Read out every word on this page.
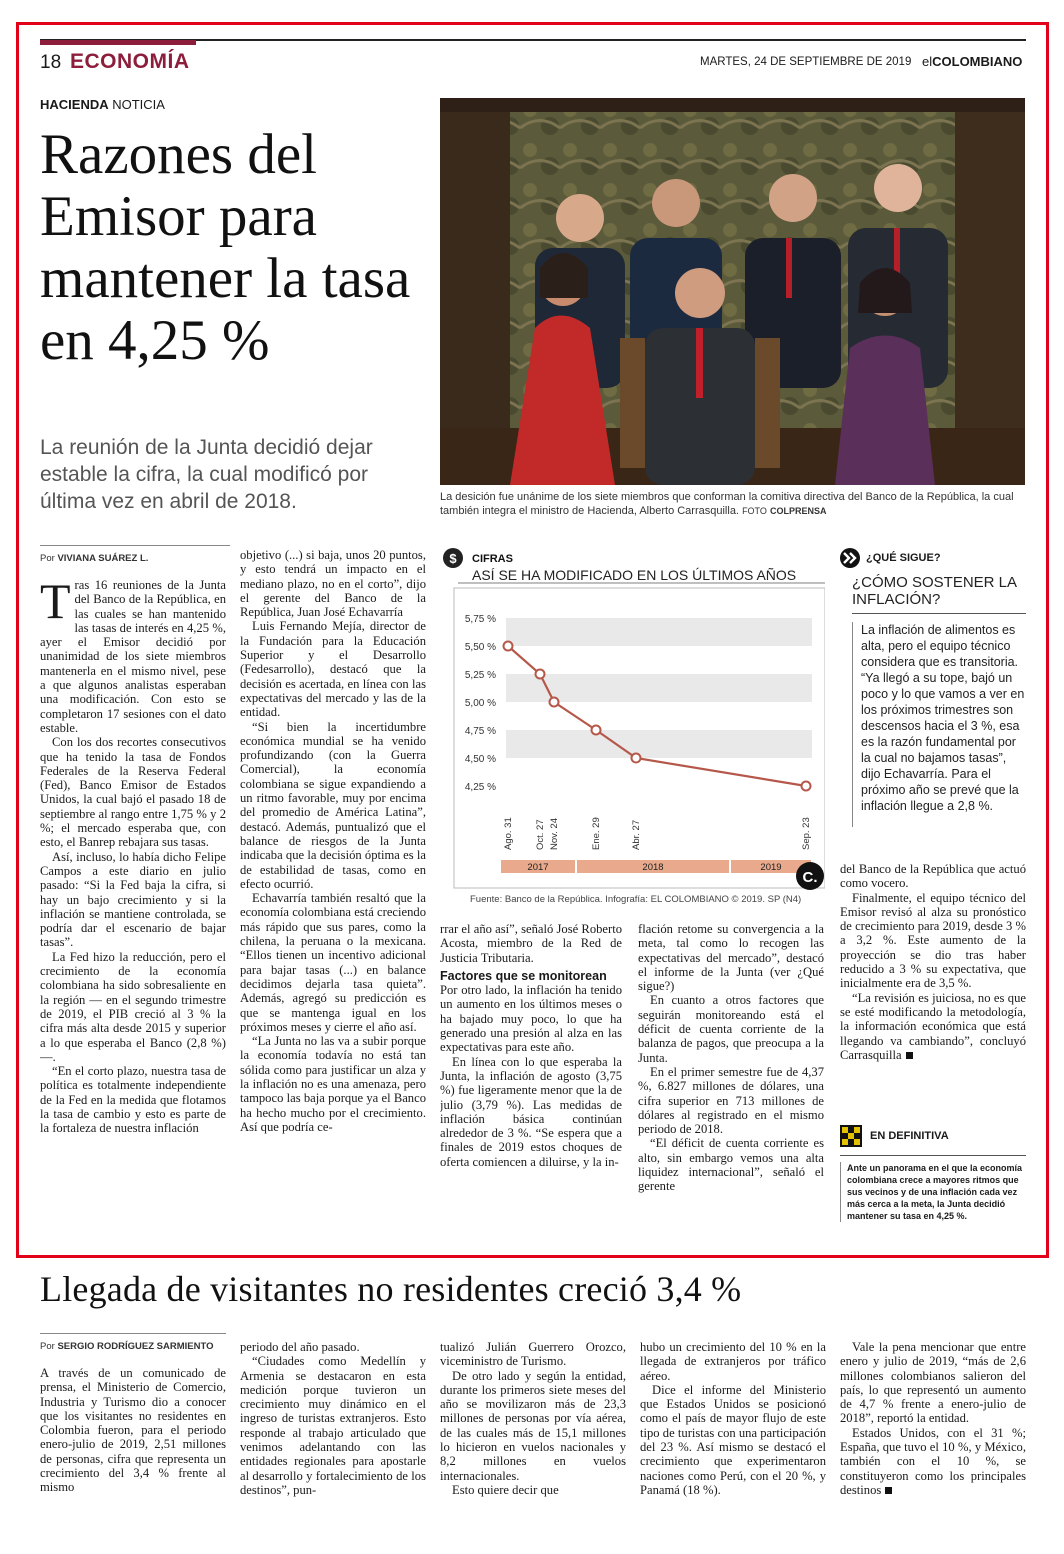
18 ECONOMÍA	MARTES, 24 DE SEPTIEMBRE DE 2019 elCOLOMBIANO
HACIENDA NOTICIA
Razones del Emisor para mantener la tasa en 4,25 %
La reunión de la Junta decidió dejar estable la cifra, la cual modificó por última vez en abril de 2018.	La desición fue unánime de los siete miembros que conforman la comitiva directiva del Banco de la República, la cual también integra el ministro de Hacienda, Alberto Carrasquilla. FOTO COLPRENSA
Por VIVIANA SUÁREZ L.

Tras 16 reuniones de la Junta del Banco de la República, en las cuales se han mantenido las tasas de interés en 4,25 %, ayer el Emisor decidió por unanimidad de los siete miembros mantenerla en el mismo nivel, pese a que algunos analistas esperaban una modificación. Con esto se completaron 17 sesiones con el dato estable.

Con los dos recortes consecutivos que ha tenido la tasa de Fondos Federales de la Reserva Federal (Fed), Banco Emisor de Estados Unidos, la cual bajó el pasado 18 de septiembre al rango entre 1,75 % y 2 %; el mercado esperaba que, con esto, el Banrep rebajara sus tasas.

Así, incluso, lo había dicho Felipe Campos a este diario en julio pasado: “Si la Fed baja la cifra, si hay un bajo crecimiento y si la inflación se mantiene controlada, se podría dar el escenario de bajar tasas”.

La Fed hizo la reducción, pero el crecimiento de la economía colombiana ha sido sobresaliente en la región — en el segundo trimestre de 2019, el PIB creció al 3 % la cifra más alta desde 2015 y superior a lo que esperaba el Banco (2,8 %)—.

“En el corto plazo, nuestra tasa de política es totalmente independiente de la Fed en la medida que flotamos la tasa de cambio y esto es parte de la fortaleza de nuestra inflación

objetivo (...) si baja, unos 20 puntos, y esto tendrá un impacto en el mediano plazo, no en el corto”, dijo el gerente del Banco de la República, Juan José Echavarría

Luis Fernando Mejía, director de la Fundación para la Educación Superior y el Desarrollo (Fedesarrollo), destacó que la decisión es acertada, en línea con las expectativas del mercado y las de la entidad.

“Si bien la incertidumbre económica mundial se ha venido profundizando (con la Guerra Comercial), la economía colombiana se sigue expandiendo a un ritmo favorable, muy por encima del promedio de América Latina”, destacó. Además, puntualizó que el balance de riesgos de la Junta indicaba que la decisión óptima es la de estabilidad de tasas, como en efecto ocurrió.

Echavarría también resaltó que la economía colombiana está creciendo más rápido que sus pares, como la chilena, la peruana o la mexicana. “Ellos tienen un incentivo adicional para bajar tasas (...) en balance decidimos dejarla tasa quieta”. Además, agregó su predicción es que se mantenga igual en los próximos meses y cierre el año así.

“La Junta no las va a subir porque la economía todavía no está tan sólida como para justificar un alza y la inflación no es una amenaza, pero tampoco las baja porque ya el Banco ha hecho mucho por el crecimiento. Así que podría ce-

$ CIFRAS
ASÍ SE HA MODIFICADO EN LOS ÚLTIMOS AÑOS
5,75 %
5,50 %
5,25 %
5,00 %
4,75 %
4,50 %
4,25 %
Ago. 31 Oct. 27 Nov. 24	Ene. 29	Abr. 27	Sep. 23
2017	2018	2019
C.
Fuente: Banco de la República. Infografía: EL COLOMBIANO © 2019. SP (N4)
¿QUÉ SIGUE?
¿CÓMO SOSTENER LA INFLACIÓN?
La inflación de alimentos es alta, pero el equipo técnico considera que es transitoria. “Ya llegó a su tope, bajó un poco y lo que vamos a ver en los próximos trimestres son descensos hacia el 3 %, esa es la razón fundamental por la cual no bajamos tasas”, dijo Echavarría. Para el próximo año se prevé que la inflación llegue a 2,8 %.

rrar el año así”, señaló José Roberto Acosta, miembro de la Red de Justicia Tributaria.

Factores que se monitorean

Por otro lado, la inflación ha tenido un aumento en los últimos meses o ha bajado muy poco, lo que ha generado una presión al alza en las expectativas para este año.

En línea con lo que esperaba la Junta, la inflación de agosto (3,75 %) fue ligeramente menor que la de julio (3,79 %). Las medidas de inflación básica continúan alrededor de 3 %. “Se espera que a finales de 2019 estos choques de oferta comiencen a diluirse, y la in-

flación retome su convergencia a la meta, tal como lo recogen las expectativas del mercado”, destacó el informe de la Junta (ver ¿Qué sigue?)

En cuanto a otros factores que seguirán monitoreando está el déficit de cuenta corriente de la balanza de pagos, que preocupa a la Junta.

En el primer semestre fue de 4,37 %, 6.827 millones de dólares, una cifra superior en 713 millones de dólares al registrado en el mismo periodo de 2018.

“El déficit de cuenta corriente es alto, sin embargo vemos una alta liquidez internacional”, señaló el gerente

del Banco de la República que actuó como vocero.

Finalmente, el equipo técnico del Emisor revisó al alza su pronóstico de crecimiento para 2019, desde 3 % a 3,2 %. Este aumento de la proyección se dio tras haber reducido a 3 % su expectativa, que inicialmente era de 3,5 %.

“La revisión es juiciosa, no es que se esté modificando la metodología, la información económica que está llegando va cambiando”, concluyó Carrasquilla

EN DEFINITIVA
Ante un panorama en el que la economía colombiana crece a mayores ritmos que sus vecinos y de una inflación cada vez más cerca a la meta, la Junta decidió mantener su tasa en 4,25 %.
Llegada de visitantes no residentes creció 3,4 %
Por SERGIO RODRÍGUEZ SARMIENTO

A través de un comunicado de prensa, el Ministerio de Comercio, Industria y Turismo dio a conocer que los visitantes no residentes en Colombia fueron, para el periodo enero-julio de 2019, 2,51 millones de personas, cifra que representa un crecimiento del 3,4 % frente al mismo

periodo del año pasado.

“Ciudades como Medellín y Armenia se destacaron en esta medición porque tuvieron un crecimiento muy dinámico en el ingreso de turistas extranjeros. Esto responde al trabajo articulado que venimos adelantando con las entidades regionales para apostarle al desarrollo y fortalecimiento de los destinos”, pun-

tualizó Julián Guerrero Orozco, viceministro de Turismo.

De otro lado y según la entidad, durante los primeros siete meses del año se movilizaron más de 23,3 millones de personas por vía aérea, de las cuales más de 15,1 millones lo hicieron en vuelos nacionales y 8,2 millones en vuelos internacionales.

Esto quiere decir que

hubo un crecimiento del 10 % en la llegada de extranjeros por tráfico aéreo.

Dice el informe del Ministerio que Estados Unidos se posicionó como el país de mayor flujo de este tipo de turistas con una participación del 23 %. Así mismo se destacó el crecimiento que experimentaron naciones como Perú, con el 20 %, y Panamá (18 %).

Vale la pena mencionar que entre enero y julio de 2019, “más de 2,6 millones colombianos salieron del país, lo que representó un aumento de 4,7 % frente a enero-julio de 2018”, reportó la entidad.

Estados Unidos, con el 31 %; España, que tuvo el 10 %, y México, también con el 10 %, se constituyeron como los principales destinos
